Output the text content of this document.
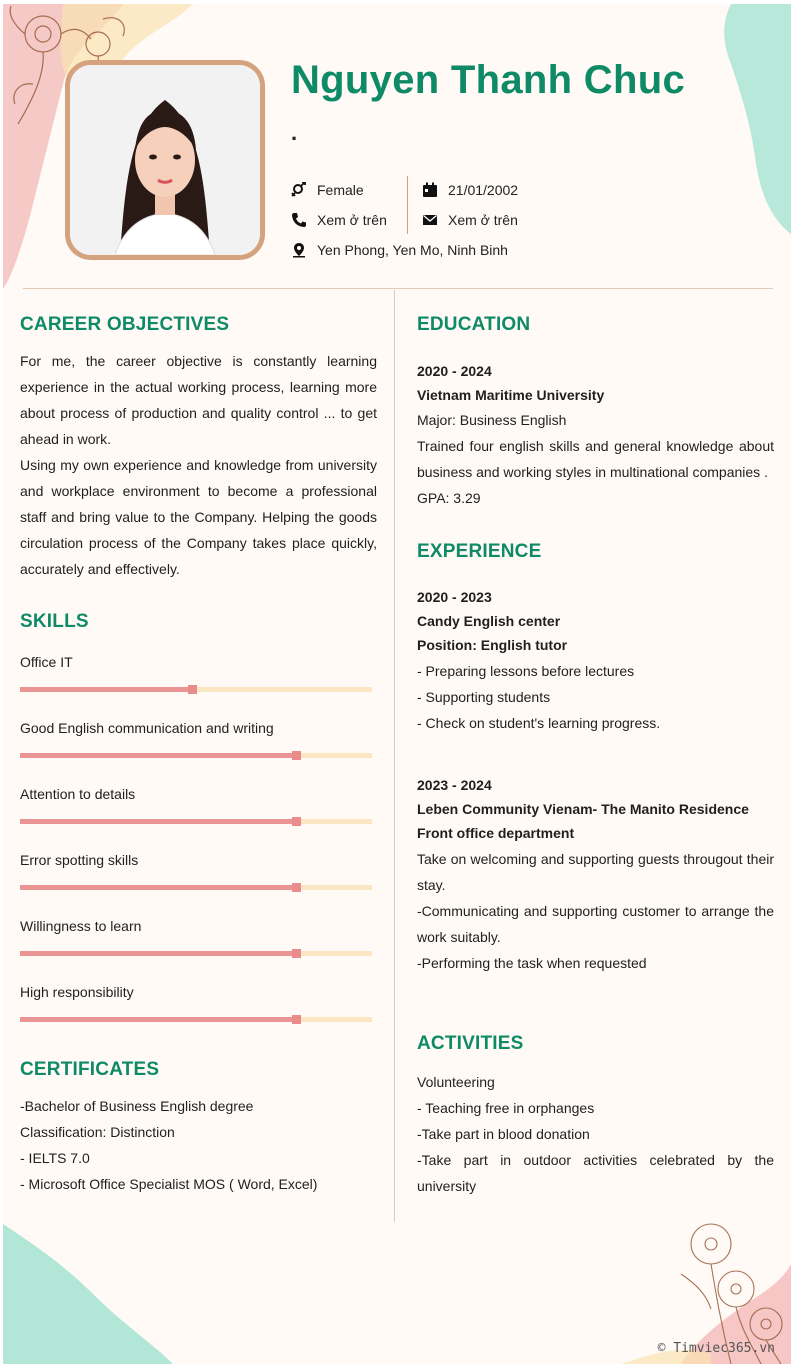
Nguyen Thanh Chuc
.
Female
Xem ở trên
Yen Phong, Yen Mo, Ninh Binh
21/01/2002
Xem ở trên
CAREER OBJECTIVES

For me, the career objective is constantly learning experience in the actual working process, learning more about process of production and quality control ... to get ahead in work.

Using my own experience and knowledge from university and workplace environment to become a professional staff and bring value to the Company. Helping the goods circulation process of the Company takes place quickly, accurately and effectively.

SKILLS
Office IT
Good English communication and writing
Attention to details
Error spotting skills
Willingness to learn
High responsibility
CERTIFICATES

-Bachelor of Business English degree

Classification: Distinction

- IELTS 7.0

- Microsoft Office Specialist MOS ( Word, Excel)

EDUCATION

2020 - 2024

Vietnam Maritime University

Major: Business English

Trained four english skills and general knowledge about business and working styles in multinational companies .

GPA: 3.29

EXPERIENCE

2020 - 2023

Candy English center

Position: English tutor

- Preparing lessons before lectures

- Supporting students

- Check on student's learning progress.

2023 - 2024

Leben Community Vienam- The Manito Residence

Front office department

Take on welcoming and supporting guests througout their stay.

-Communicating and supporting customer to arrange the work suitably.

-Performing the task when requested

ACTIVITIES

Volunteering

- Teaching free in orphanges

-Take part in blood donation

-Take part in outdoor activities celebrated by the university

© Timviec365.vn
